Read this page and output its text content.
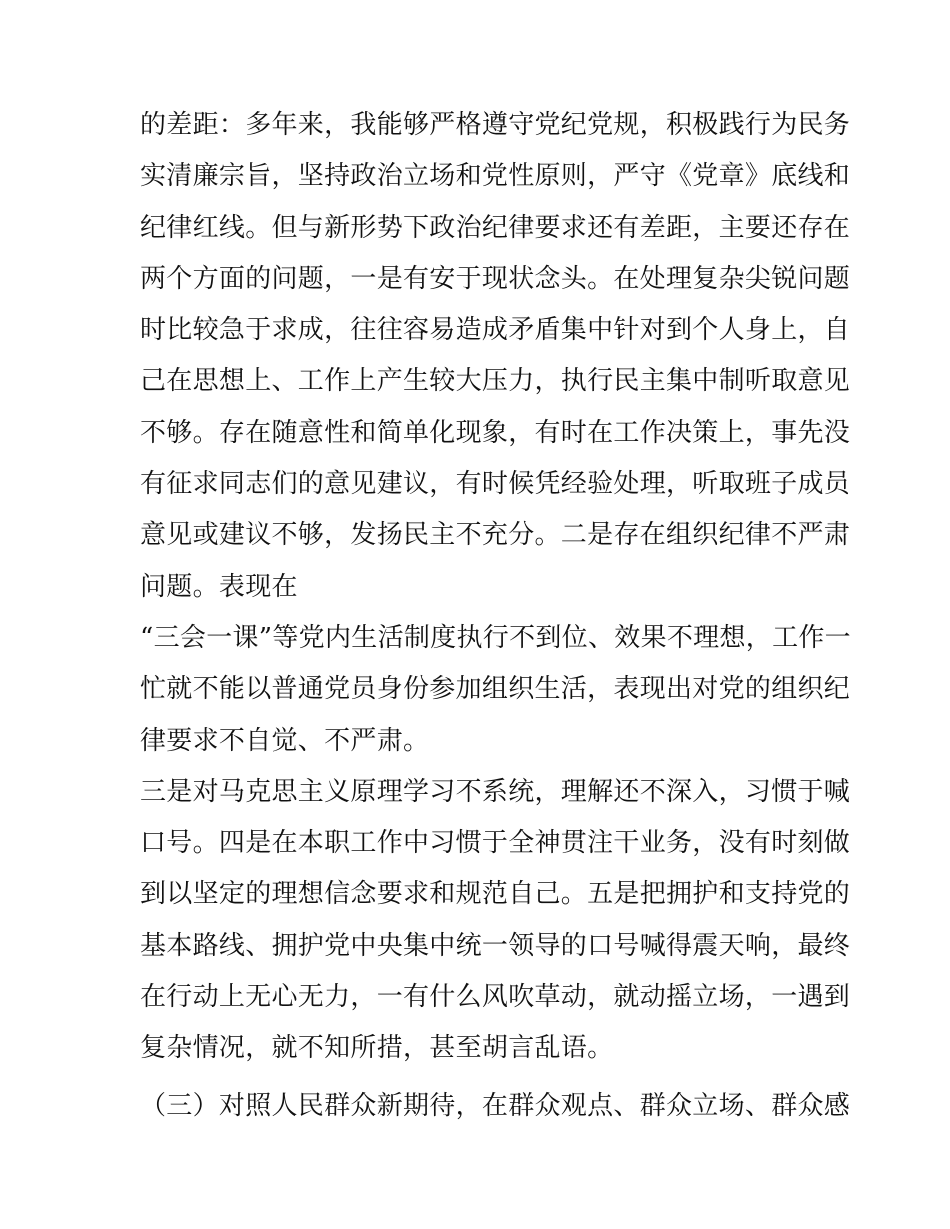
的差距：多年来，我能够严格遵守党纪党规，积极践行为民务
实清廉宗旨，坚持政治立场和党性原则，严守《党章》底线和
纪律红线。但与新形势下政治纪律要求还有差距，主要还存在
两个方面的问题，一是有安于现状念头。在处理复杂尖锐问题
时比较急于求成，往往容易造成矛盾集中针对到个人身上，自
己在思想上、工作上产生较大压力，执行民主集中制听取意见
不够。存在随意性和简单化现象，有时在工作决策上，事先没
有征求同志们的意见建议，有时候凭经验处理，听取班子成员
意见或建议不够，发扬民主不充分。二是存在组织纪律不严肃
问题。表现在
“三会一课”等党内生活制度执行不到位、效果不理想，工作一
忙就不能以普通党员身份参加组织生活，表现出对党的组织纪
律要求不自觉、不严肃。
三是对马克思主义原理学习不系统，理解还不深入，习惯于喊
口号。四是在本职工作中习惯于全神贯注干业务，没有时刻做
到以坚定的理想信念要求和规范自己。五是把拥护和支持党的
基本路线、拥护党中央集中统一领导的口号喊得震天响，最终
在行动上无心无力，一有什么风吹草动，就动摇立场，一遇到
复杂情况，就不知所措，甚至胡言乱语。
（三）对照人民群众新期待，在群众观点、群众立场、群众感
